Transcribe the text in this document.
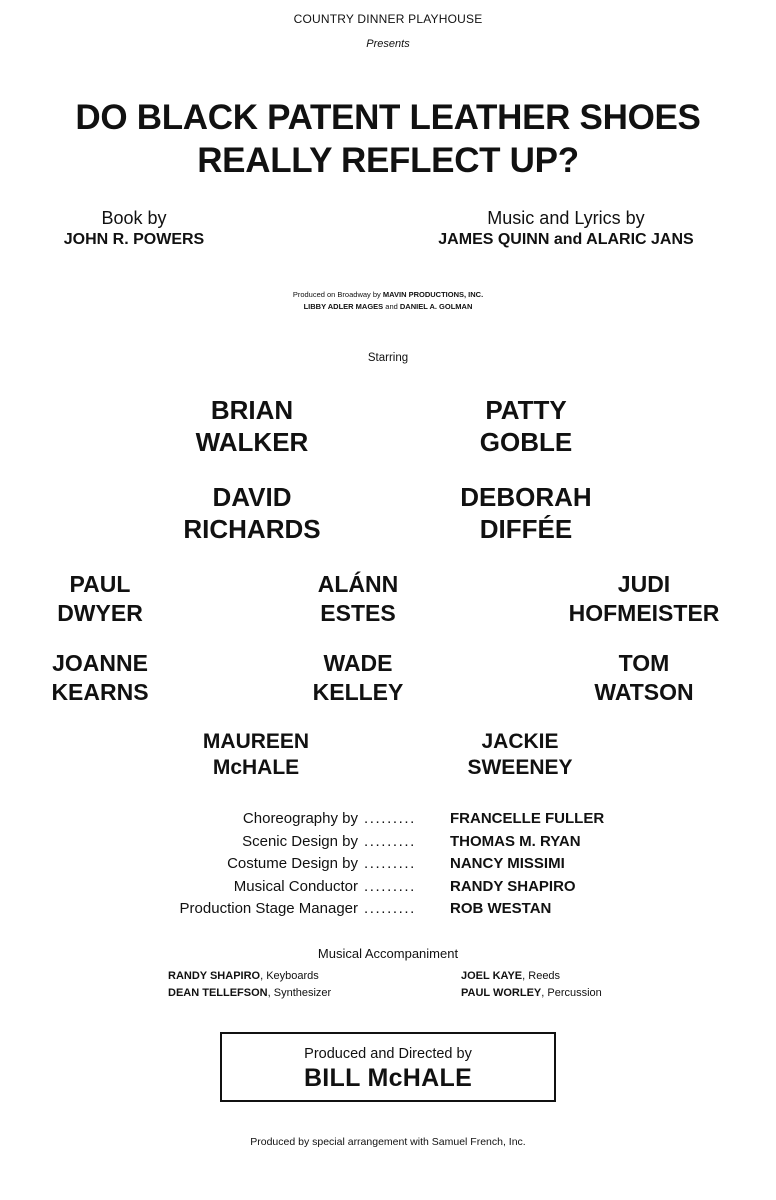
COUNTRY DINNER PLAYHOUSE
Presents
DO BLACK PATENT LEATHER SHOES
REALLY REFLECT UP?
Book by
JOHN R. POWERS
Music and Lyrics by
JAMES QUINN and ALARIC JANS
Produced on Broadway by MAVIN PRODUCTIONS, INC.
LIBBY ADLER MAGES and DANIEL A. GOLMAN
Starring
BRIAN
WALKER
PATTY
GOBLE
DAVID
RICHARDS
DEBORAH
DIFFÉE
PAUL
DWYER
ALÁNN
ESTES
JUDI
HOFMEISTER
JOANNE
KEARNS
WADE
KELLEY
TOM
WATSON
MAUREEN
McHALE
JACKIE
SWEENEY
Choreography by .........	FRANCELLE FULLER
Scenic Design by .........	THOMAS M. RYAN
Costume Design by .........	NANCY MISSIMI
Musical Conductor .........	RANDY SHAPIRO
Production Stage Manager .........	ROB WESTAN
Musical Accompaniment
RANDY SHAPIRO, Keyboards
DEAN TELLEFSON, Synthesizer
JOEL KAYE, Reeds
PAUL WORLEY, Percussion
Produced and Directed by
BILL McHALE
Produced by special arrangement with Samuel French, Inc.
